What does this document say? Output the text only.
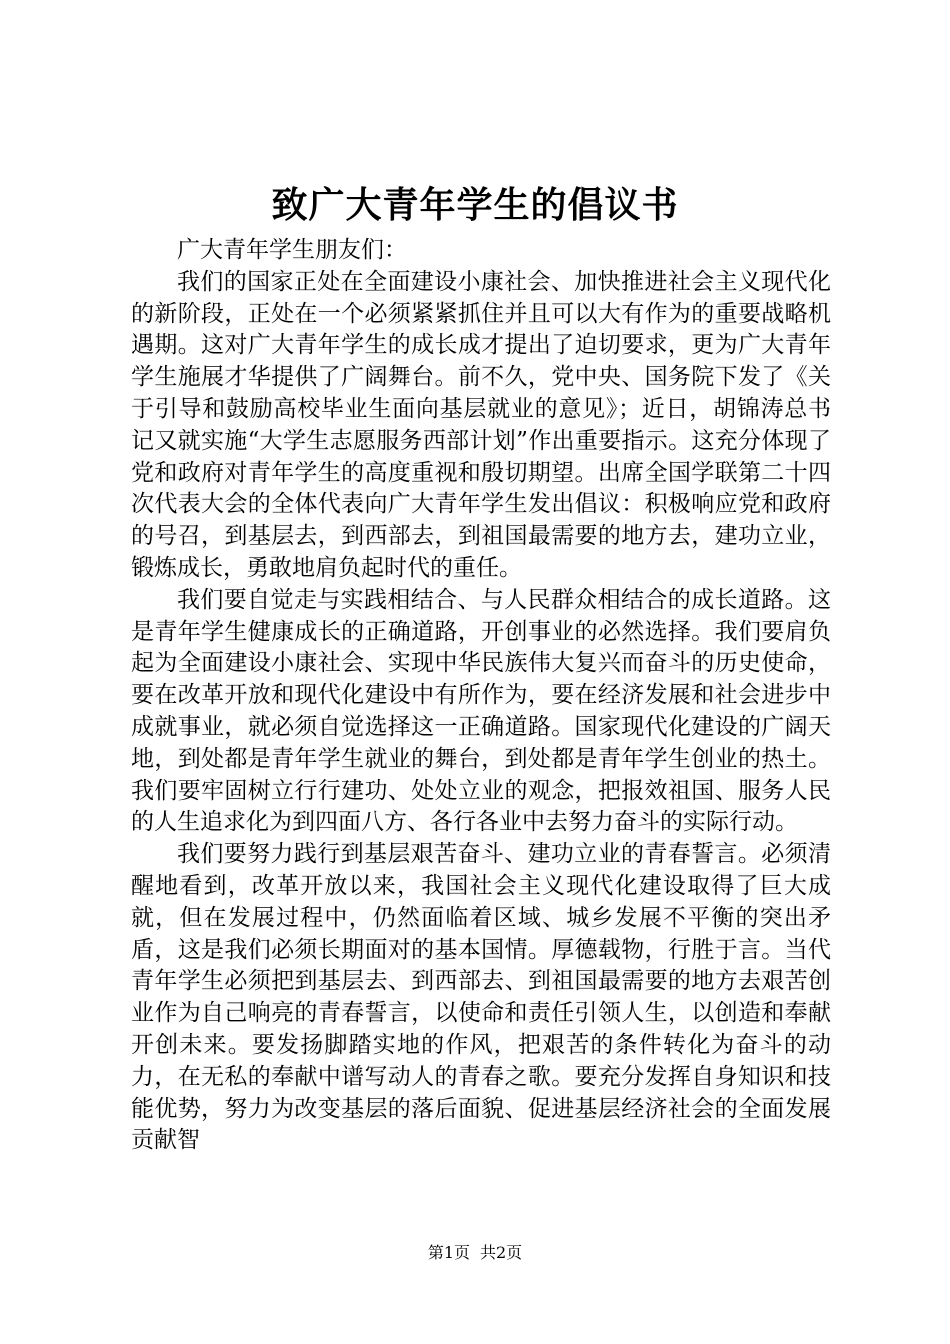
致广大青年学生的倡议书
广大青年学生朋友们：

我们的国家正处在全面建设小康社会、加快推进社会主义现代化的新阶段，正处在一个必须紧紧抓住并且可以大有作为的重要战略机遇期。这对广大青年学生的成长成才提出了迫切要求，更为广大青年学生施展才华提供了广阔舞台。前不久，党中央、国务院下发了《关于引导和鼓励高校毕业生面向基层就业的意见》；近日，胡锦涛总书记又就实施“大学生志愿服务西部计划”作出重要指示。这充分体现了党和政府对青年学生的高度重视和殷切期望。出席全国学联第二十四次代表大会的全体代表向广大青年学生发出倡议：积极响应党和政府的号召，到基层去，到西部去，到祖国最需要的地方去，建功立业，锻炼成长，勇敢地肩负起时代的重任。

我们要自觉走与实践相结合、与人民群众相结合的成长道路。这是青年学生健康成长的正确道路，开创事业的必然选择。我们要肩负起为全面建设小康社会、实现中华民族伟大复兴而奋斗的历史使命，要在改革开放和现代化建设中有所作为，要在经济发展和社会进步中成就事业，就必须自觉选择这一正确道路。国家现代化建设的广阔天地，到处都是青年学生就业的舞台，到处都是青年学生创业的热土。我们要牢固树立行行建功、处处立业的观念，把报效祖国、服务人民的人生追求化为到四面八方、各行各业中去努力奋斗的实际行动。

我们要努力践行到基层艰苦奋斗、建功立业的青春誓言。必须清醒地看到，改革开放以来，我国社会主义现代化建设取得了巨大成就，但在发展过程中，仍然面临着区域、城乡发展不平衡的突出矛盾，这是我们必须长期面对的基本国情。厚德载物，行胜于言。当代青年学生必须把到基层去、到西部去、到祖国最需要的地方去艰苦创业作为自己响亮的青春誓言，以使命和责任引领人生，以创造和奉献开创未来。要发扬脚踏实地的作风，把艰苦的条件转化为奋斗的动力，在无私的奉献中谱写动人的青春之歌。要充分发挥自身知识和技能优势，努力为改变基层的落后面貌、促进基层经济社会的全面发展贡献智

第1页 共2页
